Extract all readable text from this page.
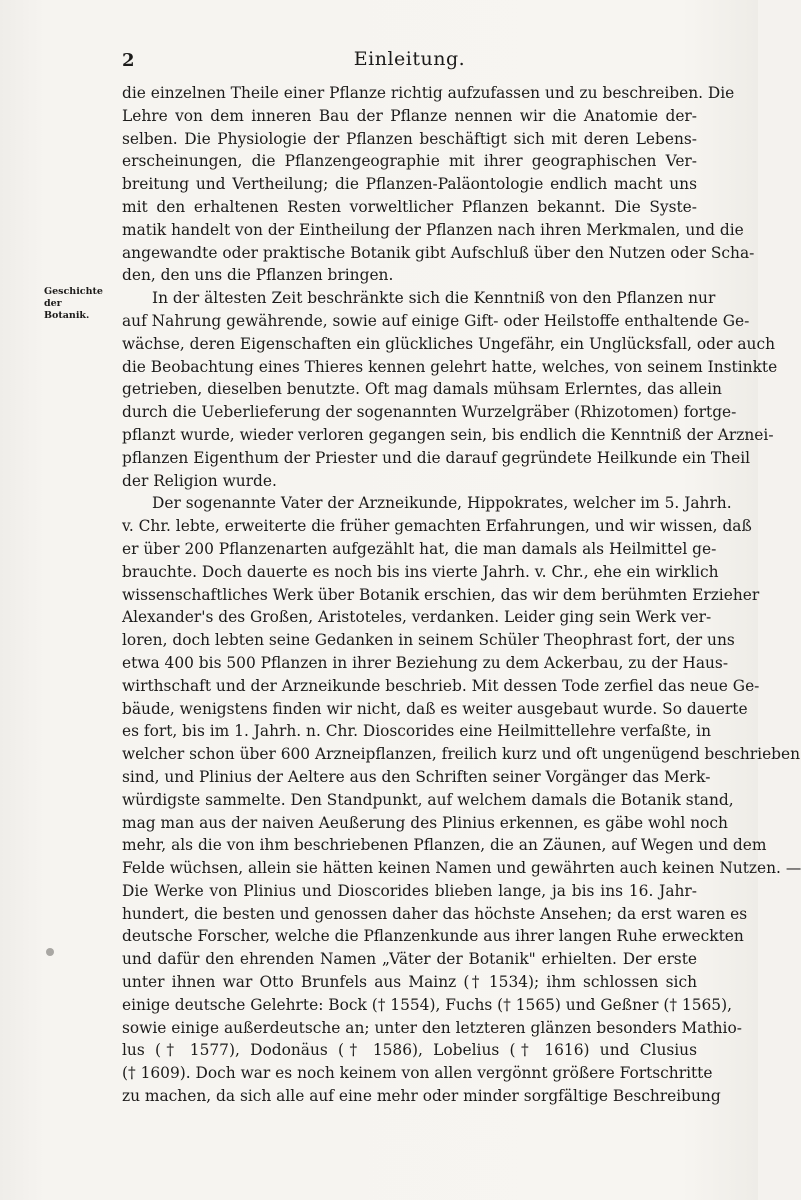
2	Einleitung.
Geschichte der
Botanik.
die einzelnen Theile einer Pflanze richtig aufzufassen und zu beschreiben. Die
Lehre von dem inneren Bau der Pflanze nennen wir die Anatomie der-
selben. Die Physiologie der Pflanzen beschäftigt sich mit deren Lebens-
erscheinungen, die Pflanzengeographie mit ihrer geographischen Ver-
breitung und Vertheilung; die Pflanzen-Paläontologie endlich macht uns
mit den erhaltenen Resten vorweltlicher Pflanzen bekannt. Die Syste-
matik handelt von der Eintheilung der Pflanzen nach ihren Merkmalen, und die
angewandte oder praktische Botanik gibt Aufschluß über den Nutzen oder Scha-
den, den uns die Pflanzen bringen.
In der ältesten Zeit beschränkte sich die Kenntniß von den Pflanzen nur
auf Nahrung gewährende, sowie auf einige Gift- oder Heilstoffe enthaltende Ge-
wächse, deren Eigenschaften ein glückliches Ungefähr, ein Unglücksfall, oder auch
die Beobachtung eines Thieres kennen gelehrt hatte, welches, von seinem Instinkte
getrieben, dieselben benutzte. Oft mag damals mühsam Erlerntes, das allein
durch die Ueberlieferung der sogenannten Wurzelgräber (Rhizotomen) fortge-
pflanzt wurde, wieder verloren gegangen sein, bis endlich die Kenntniß der Arznei-
pflanzen Eigenthum der Priester und die darauf gegründete Heilkunde ein Theil
der Religion wurde.
Der sogenannte Vater der Arzneikunde, Hippokrates, welcher im 5. Jahrh.
v. Chr. lebte, erweiterte die früher gemachten Erfahrungen, und wir wissen, daß
er über 200 Pflanzenarten aufgezählt hat, die man damals als Heilmittel ge-
brauchte. Doch dauerte es noch bis ins vierte Jahrh. v. Chr., ehe ein wirklich
wissenschaftliches Werk über Botanik erschien, das wir dem berühmten Erzieher
Alexander's des Großen, Aristoteles, verdanken. Leider ging sein Werk ver-
loren, doch lebten seine Gedanken in seinem Schüler Theophrast fort, der uns
etwa 400 bis 500 Pflanzen in ihrer Beziehung zu dem Ackerbau, zu der Haus-
wirthschaft und der Arzneikunde beschrieb. Mit dessen Tode zerfiel das neue Ge-
bäude, wenigstens finden wir nicht, daß es weiter ausgebaut wurde. So dauerte
es fort, bis im 1. Jahrh. n. Chr. Dioscorides eine Heilmittellehre verfaßte, in
welcher schon über 600 Arzneipflanzen, freilich kurz und oft ungenügend beschrieben
sind, und Plinius der Aeltere aus den Schriften seiner Vorgänger das Merk-
würdigste sammelte. Den Standpunkt, auf welchem damals die Botanik stand,
mag man aus der naiven Aeußerung des Plinius erkennen, es gäbe wohl noch
mehr, als die von ihm beschriebenen Pflanzen, die an Zäunen, auf Wegen und dem
Felde wüchsen, allein sie hätten keinen Namen und gewährten auch keinen Nutzen. —
Die Werke von Plinius und Dioscorides blieben lange, ja bis ins 16. Jahr-
hundert, die besten und genossen daher das höchste Ansehen; da erst waren es
deutsche Forscher, welche die Pflanzenkunde aus ihrer langen Ruhe erweckten
und dafür den ehrenden Namen „Väter der Botanik" erhielten. Der erste
unter ihnen war Otto Brunfels aus Mainz († 1534); ihm schlossen sich
einige deutsche Gelehrte: Bock († 1554), Fuchs († 1565) und Geßner († 1565),
sowie einige außerdeutsche an; unter den letzteren glänzen besonders Mathio-
lus († 1577), Dodonäus († 1586), Lobelius († 1616) und Clusius
(† 1609). Doch war es noch keinem von allen vergönnt größere Fortschritte
zu machen, da sich alle auf eine mehr oder minder sorgfältige Beschreibung
